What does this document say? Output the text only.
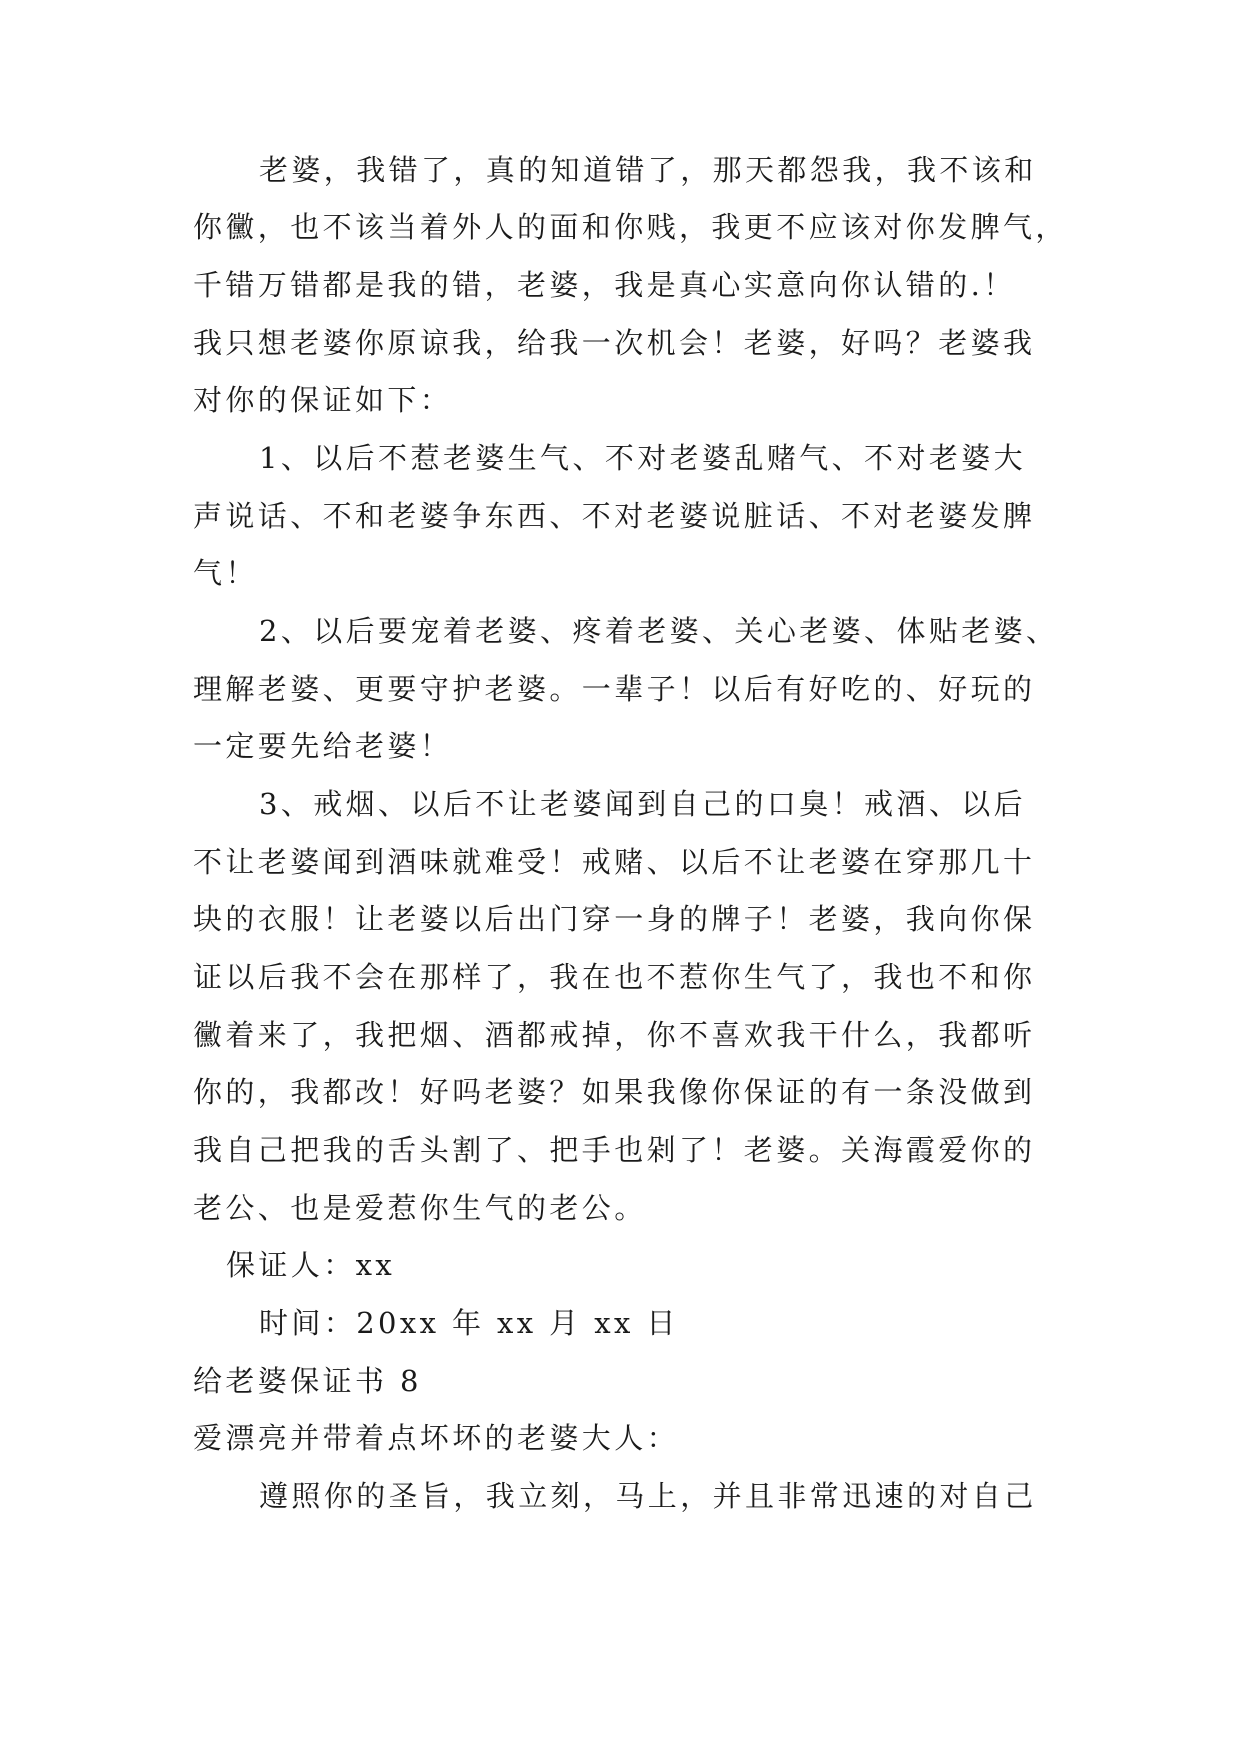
老婆，我错了，真的知道错了，那天都怨我，我不该和
你黴，也不该当着外人的面和你贱，我更不应该对你发脾气，
千错万错都是我的错，老婆，我是真心实意向你认错的.！
我只想老婆你原谅我，给我一次机会！老婆，好吗？老婆我
对你的保证如下：
1、以后不惹老婆生气、不对老婆乱赌气、不对老婆大
声说话、不和老婆争东西、不对老婆说脏话、不对老婆发脾
气！
2、以后要宠着老婆、疼着老婆、关心老婆、体贴老婆、
理解老婆、更要守护老婆。一辈子！以后有好吃的、好玩的
一定要先给老婆！
3、戒烟、以后不让老婆闻到自己的口臭！戒酒、以后
不让老婆闻到酒味就难受！戒赌、以后不让老婆在穿那几十
块的衣服！让老婆以后出门穿一身的牌子！老婆，我向你保
证以后我不会在那样了，我在也不惹你生气了，我也不和你
黴着来了，我把烟、酒都戒掉，你不喜欢我干什么，我都听
你的，我都改！好吗老婆？如果我像你保证的有一条没做到
我自己把我的舌头割了、把手也剁了！老婆。关海霞爱你的
老公、也是爱惹你生气的老公。
保证人：xx
时间：20xx 年 xx 月 xx 日
给老婆保证书 8
爱漂亮并带着点坏坏的老婆大人：
遵照你的圣旨，我立刻，马上，并且非常迅速的对自己
